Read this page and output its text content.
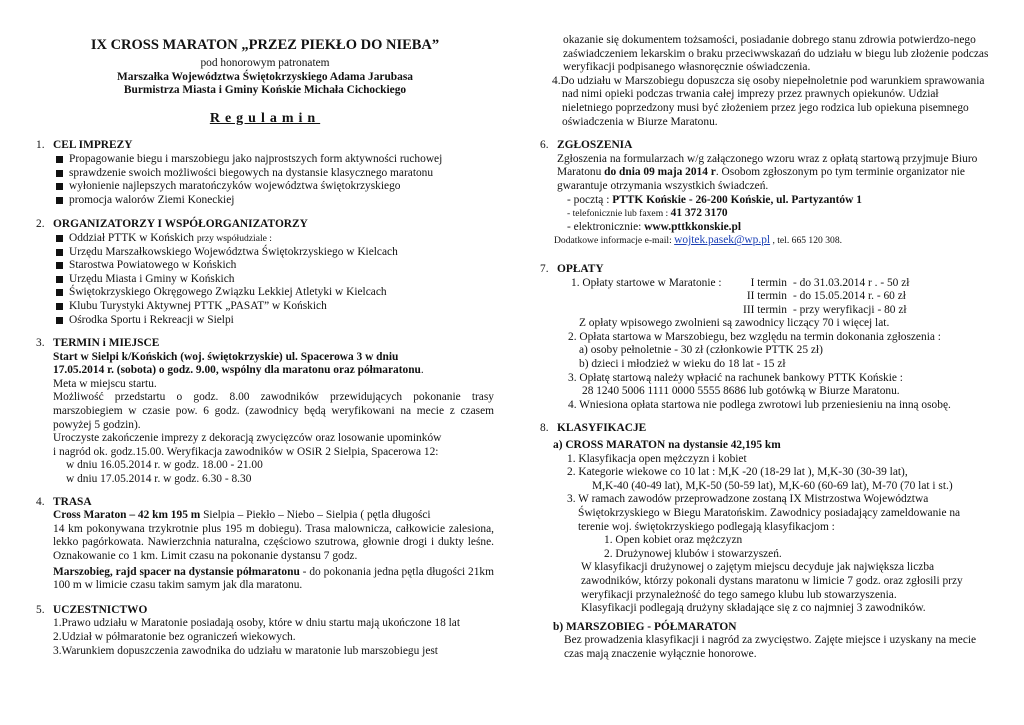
IX CROSS MARATON „PRZEZ PIEKŁO DO NIEBA”
pod honorowym patronatem
Marszałka Województwa Świętokrzyskiego Adama Jarubasa
Burmistrza Miasta i Gminy Końskie Michała Cichockiego
Regulamin
1. CEL IMPREZY
Propagowanie biegu i marszobiegu jako najprostszych form aktywności ruchowej
sprawdzenie swoich możliwości biegowych na dystansie klasycznego maratonu
wyłonienie najlepszych maratończyków województwa świętokrzyskiego
promocja walorów Ziemi Koneckiej
2. ORGANIZATORZY I WSPÓŁORGANIZATORZY
Oddział PTTK w Końskich przy współudziale :
Urzędu Marszałkowskiego Województwa Świętokrzyskiego w Kielcach
Starostwa Powiatowego w Końskich
Urzędu Miasta i Gminy w Końskich
Świętokrzyskiego Okręgowego Związku Lekkiej Atletyki w Kielcach
Klubu Turystyki Aktywnej PTTK „PASAT” w Końskich
Ośrodka Sportu i Rekreacji w Sielpi
3. TERMIN i MIEJSCE
Start w Sielpi k/Końskich (woj. świętokrzyskie) ul. Spacerowa 3 w dniu
17.05.2014 r. (sobota) o godz. 9.00, wspólny dla maratonu oraz półmaratonu.
Meta w miejscu startu.
Możliwość przedstartu o godz. 8.00 zawodników przewidujących pokonanie trasy marszobiegiem w czasie pow. 6 godz. (zawodnicy będą weryfikowani na mecie z czasem powyżej 5 godzin).
Uroczyste zakończenie imprezy z dekoracją zwycięzców oraz losowanie upominków
i nagród ok. godz.15.00. Weryfikacja zawodników w OSiR 2 Sielpia, Spacerowa 12:
w dniu 16.05.2014 r. w godz. 18.00 - 21.00
w dniu 17.05.2014 r. w godz. 6.30 - 8.30
4. TRASA
Cross Maraton – 42 km 195 m Sielpia – Piekło – Niebo – Sielpia ( pętla długości
14 km pokonywana trzykrotnie plus 195 m dobiegu). Trasa malownicza, całkowicie zalesiona, lekko pagórkowata. Nawierzchnia naturalna, częściowo szutrowa, głownie drogi i dukty leśne. Oznakowanie co 1 km. Limit czasu na pokonanie dystansu 7 godz.
Marszobieg, rajd spacer na dystansie półmaratonu - do pokonania jedna pętla długości 21km 100 m w limicie czasu takim samym jak dla maratonu.
5. UCZESTNICTWO
1.Prawo udziału w Maratonie posiadają osoby, które w dniu startu mają ukończone 18 lat
2.Udział w półmaratonie bez ograniczeń wiekowych.
3.Warunkiem dopuszczenia zawodnika do udziału w maratonie lub marszobiegu jest
okazanie się dokumentem tożsamości, posiadanie dobrego stanu zdrowia potwierdzo-nego zaświadczeniem lekarskim o braku przeciwwskazań do udziału w biegu lub złożenie podczas weryfikacji podpisanego własnoręcznie oświadczenia.
4.Do udziału w Marszobiegu dopuszcza się osoby niepełnoletnie pod warunkiem sprawowania nad nimi opieki podczas trwania całej imprezy przez prawnych opiekunów. Udział nieletniego poprzedzony musi być złożeniem przez jego rodzica lub opiekuna pisemnego oświadczenia w Biurze Maratonu.
6. ZGŁOSZENIA
Zgłoszenia na formularzach w/g załączonego wzoru wraz z opłatą startową przyjmuje Biuro Maratonu do dnia 09 maja 2014 r. Osobom zgłoszonym po tym terminie organizator nie gwarantuje otrzymania wszystkich świadczeń.
- pocztą : PTTK Końskie - 26-200 Końskie, ul. Partyzantów 1
- telefonicznie lub faxem : 41 372 3170
- elektronicznie: www.pttkkonskie.pl
Dodatkowe informacje e-mail: wojtek.pasek@wp.pl , tel. 665 120 308.
7. OPŁATY
1. Opłaty startowe w Maratonie :	I termin - do 31.03.2014 r . - 50 zł
II termin - do 15.05.2014 r. - 60 zł
III termin - przy weryfikacji - 80 zł
Z opłaty wpisowego zwolnieni są zawodnicy liczący 70 i więcej lat.
2. Opłata startowa w Marszobiegu, bez względu na termin dokonania zgłoszenia :
a) osoby pełnoletnie - 30 zł (członkowie PTTK 25 zł)
b) dzieci i młodzież w wieku do 18 lat - 15 zł
3. Opłatę startową należy wpłacić na rachunek bankowy PTTK Końskie :
28 1240 5006 1111 0000 5555 8686 lub gotówką w Biurze Maratonu.
4. Wniesiona opłata startowa nie podlega zwrotowi lub przeniesieniu na inną osobę.
8. KLASYFIKACJE
a) CROSS MARATON na dystansie 42,195 km
1. Klasyfikacja open mężczyzn i kobiet
2. Kategorie wiekowe co 10 lat : M,K -20 (18-29 lat ), M,K-30 (30-39 lat),
M,K-40 (40-49 lat), M,K-50 (50-59 lat), M,K-60 (60-69 lat), M-70 (70 lat i st.)
3. W ramach zawodów przeprowadzone zostaną IX Mistrzostwa Województwa Świętokrzyskiego w Biegu Maratońskim. Zawodnicy posiadający zameldowanie na terenie woj. świętokrzyskiego podlegają klasyfikacjom :
1. Open kobiet oraz mężczyzn
2. Drużynowej klubów i stowarzyszeń.
W klasyfikacji drużynowej o zajętym miejscu decyduje jak największa liczba zawodników, którzy pokonali dystans maratonu w limicie 7 godz. oraz zgłosili przy weryfikacji przynależność do tego samego klubu lub stowarzyszenia.
Klasyfikacji podlegają drużyny składające się z co najmniej 3 zawodników.
b) MARSZOBIEG - PÓŁMARATON
Bez prowadzenia klasyfikacji i nagród za zwycięstwo. Zajęte miejsce i uzyskany na mecie czas mają znaczenie wyłącznie honorowe.
